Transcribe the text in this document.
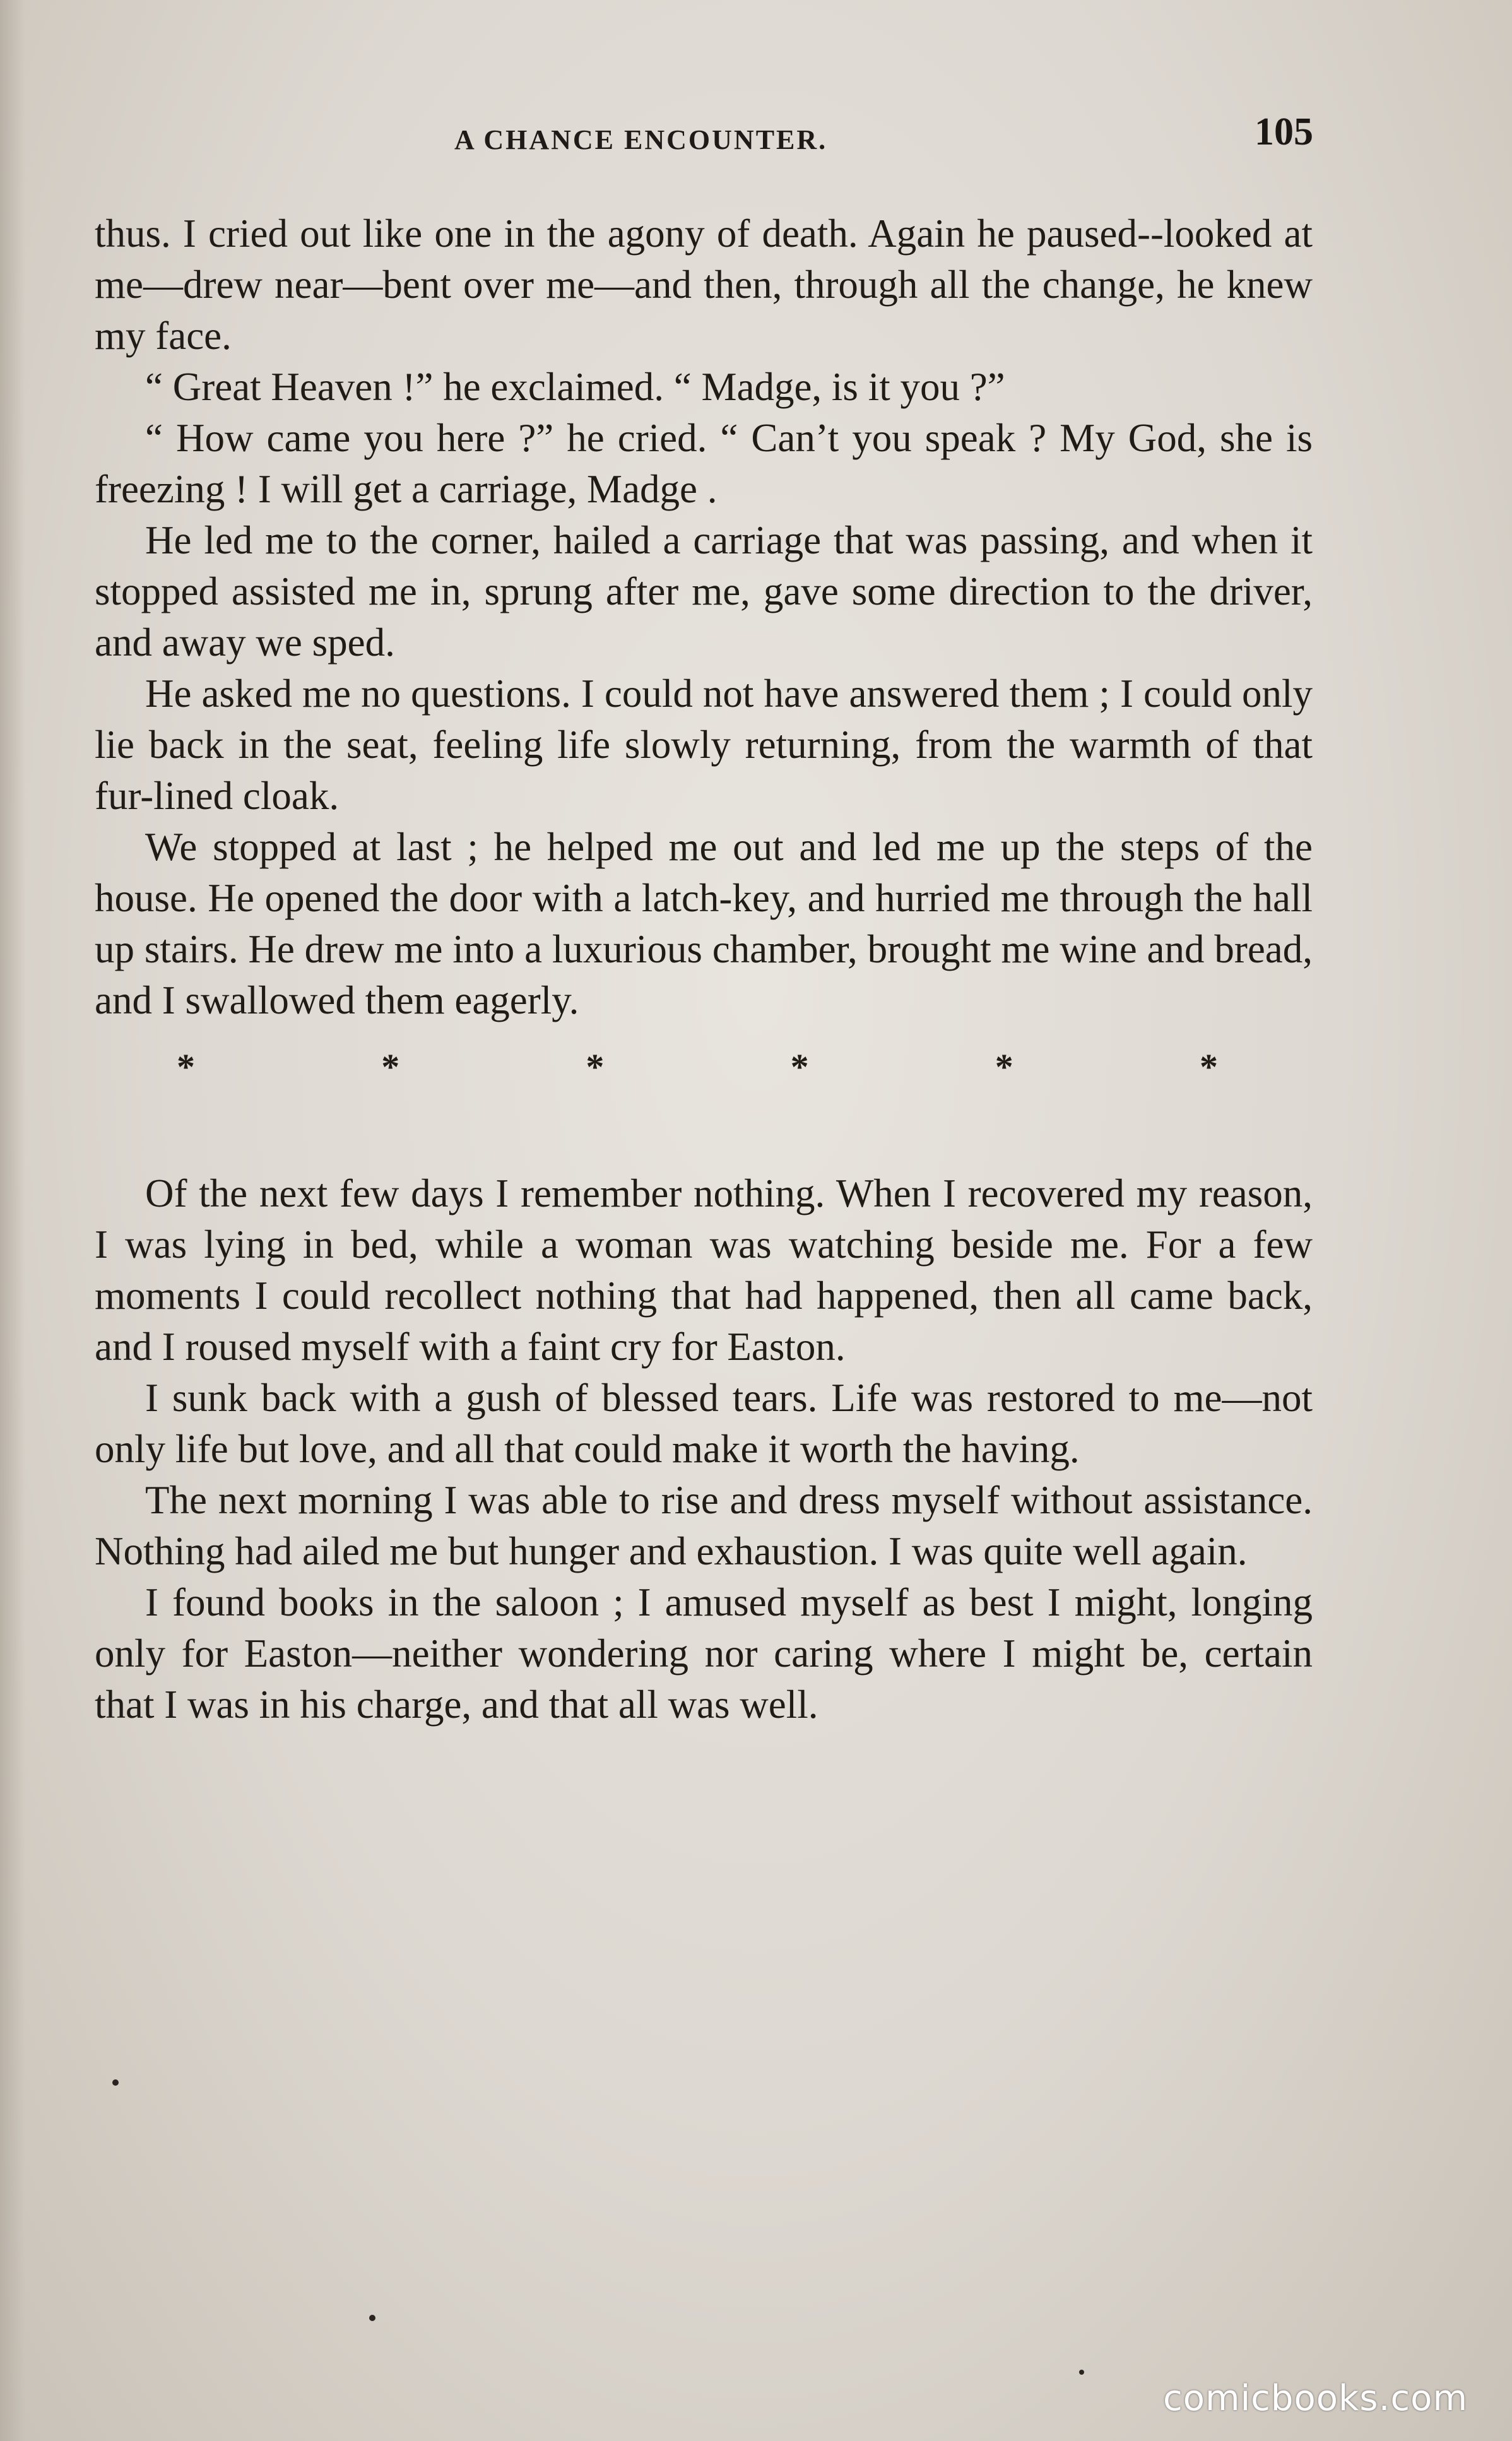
A CHANCE ENCOUNTER.	105

thus. I cried out like one in the agony of death. Again he paused--looked at me—drew near—bent over me—and then, through all the change, he knew my face.

“ Great Heaven !” he exclaimed. “ Madge, is it you ?”

“ How came you here ?” he cried. “ Can’t you speak ? My God, she is freezing ! I will get a carriage, Madge .

He led me to the corner, hailed a carriage that was passing, and when it stopped assisted me in, sprung after me, gave some direction to the driver, and away we sped.

He asked me no questions. I could not have answered them ; I could only lie back in the seat, feeling life slowly returning, from the warmth of that fur-lined cloak.

We stopped at last ; he helped me out and led me up the steps of the house. He opened the door with a latch-key, and hurried me through the hall up stairs. He drew me into a luxurious chamber, brought me wine and bread, and I swallowed them eagerly.

*	*	*	*	*	*

Of the next few days I remember nothing. When I recovered my reason, I was lying in bed, while a woman was watching beside me. For a few moments I could recollect nothing that had happened, then all came back, and I roused myself with a faint cry for Easton.

I sunk back with a gush of blessed tears. Life was restored to me—not only life but love, and all that could make it worth the having.

The next morning I was able to rise and dress myself without assistance. Nothing had ailed me but hunger and exhaustion. I was quite well again.

I found books in the saloon ; I amused myself as best I might, longing only for Easton—neither wondering nor caring where I might be, certain that I was in his charge, and that all was well.

comicbooks.com
